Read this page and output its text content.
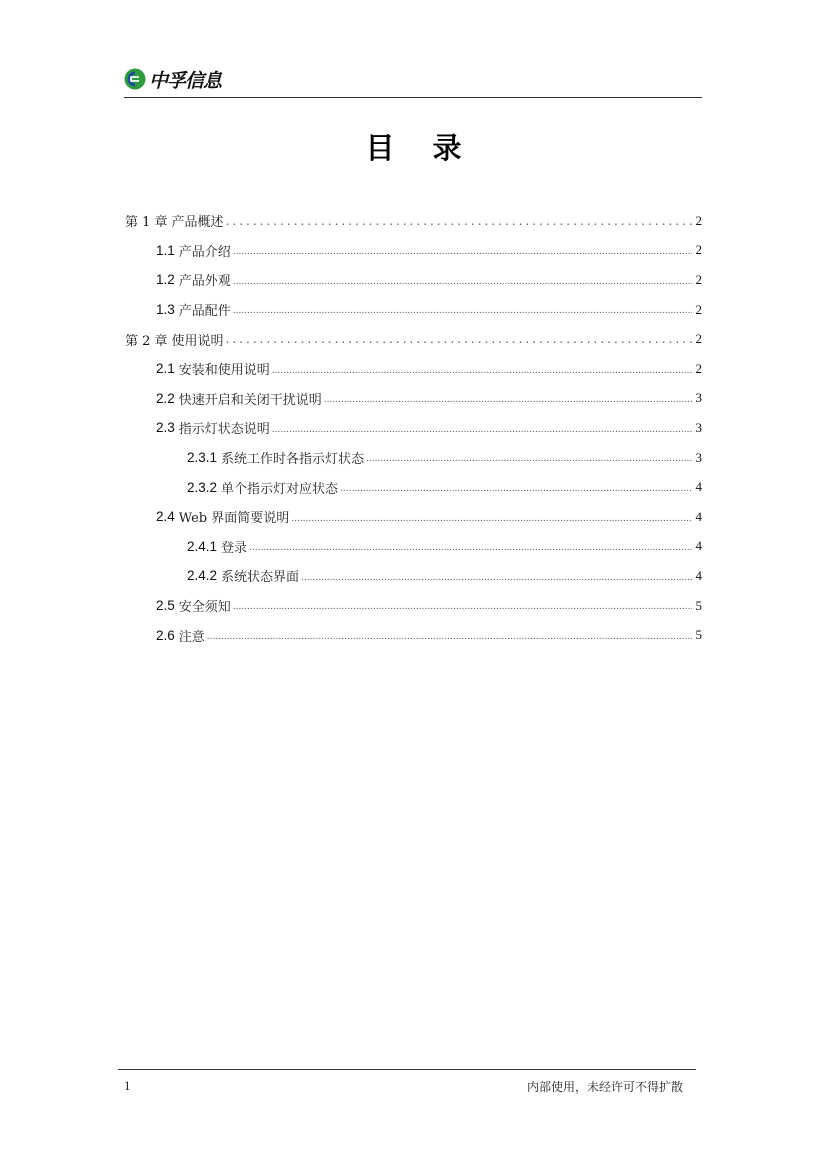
中孚信息
目录
第 1 章 产品概述 .....	2
1.1 产品介绍 .....	2
1.2 产品外观 .....	2
1.3 产品配件 .....	2
第 2 章 使用说明 .....	2
2.1 安装和使用说明 .....	2
2.2 快速开启和关闭干扰说明 .....	3
2.3 指示灯状态说明 .....	3
2.3.1 系统工作时各指示灯状态 .....	3
2.3.2 单个指示灯对应状态 .....	4
2.4 Web 界面简要说明 .....	4
2.4.1 登录 .....	4
2.4.2 系统状态界面 .....	4
2.5 安全须知 .....	5
2.6 注意 .....	5
1	内部使用，未经许可不得扩散
